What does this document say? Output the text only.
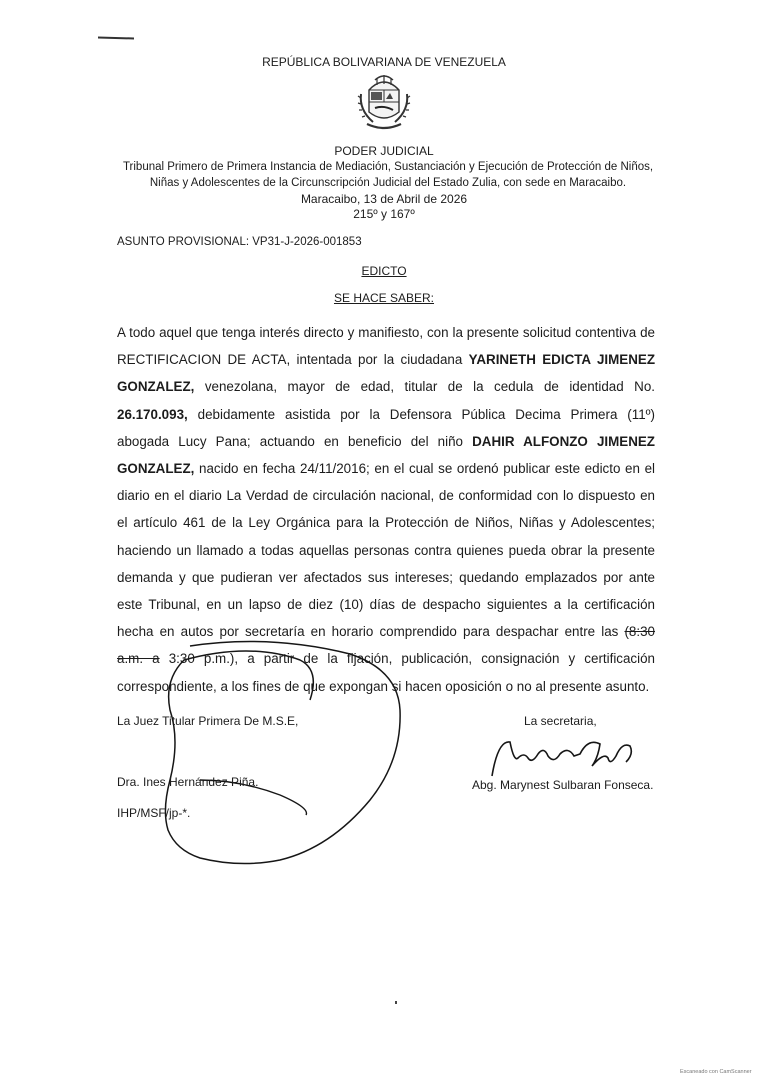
REPÚBLICA BOLIVARIANA DE VENEZUELA
PODER JUDICIAL
Tribunal Primero de Primera Instancia de Mediación, Sustanciación y Ejecución de Protección de Niños, Niñas y Adolescentes de la Circunscripción Judicial del Estado Zulia, con sede en Maracaibo.
Maracaibo, 13 de Abril de 2026
215º y 167º
ASUNTO PROVISIONAL: VP31-J-2026-001853
EDICTO
SE HACE SABER:
A todo aquel que tenga interés directo y manifiesto, con la presente solicitud contentiva de RECTIFICACION DE ACTA, intentada por la ciudadana YARINETH EDICTA JIMENEZ GONZALEZ, venezolana, mayor de edad, titular de la cedula de identidad No. 26.170.093, debidamente asistida por la Defensora Pública Decima Primera (11º) abogada Lucy Pana; actuando en beneficio del niño DAHIR ALFONZO JIMENEZ GONZALEZ, nacido en fecha 24/11/2016; en el cual se ordenó publicar este edicto en el diario en el diario La Verdad de circulación nacional, de conformidad con lo dispuesto en el artículo 461 de la Ley Orgánica para la Protección de Niños, Niñas y Adolescentes; haciendo un llamado a todas aquellas personas contra quienes pueda obrar la presente demanda y que pudieran ver afectados sus intereses; quedando emplazados por ante este Tribunal, en un lapso de diez (10) días de despacho siguientes a la certificación hecha en autos por secretaría en horario comprendido para despachar entre las (8:30 a.m. a 3:30 p.m.), a partir de la fijación, publicación, consignación y certificación correspondiente, a los fines de que expongan si hacen oposición o no al presente asunto.
La Juez Titular Primera De M.S.E,	La secretaria,
Dra. Ines Hernández Piña.	Abg. Marynest Sulbaran Fonseca.
IHP/MSF/jp-*.
Escaneado con CamScanner
